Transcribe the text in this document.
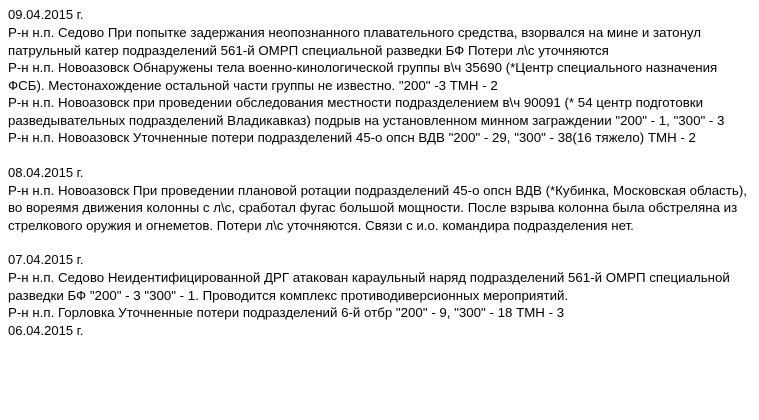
09.04.2015 г.

Р-н н.п. Седово При попытке задержания неопознанного плавательного средства, взорвался на мине и затонул патрульный катер подразделений 561-й ОМРП специальной разведки БФ Потери л\с уточняются

Р-н н.п. Новоазовск Обнаружены тела военно-кинологической группы в\ч 35690 (*Центр специального назначения ФСБ). Местонахождение остальной части группы не известно. "200" -3 ТМН - 2

Р-н н.п. Новоазовск при проведении обследования местности подразделением в\ч 90091 (* 54 центр подготовки разведывательных подразделений Владикавказ) подрыв на установленном минном заграждении "200" - 1, "300" - 3

Р-н н.п. Новоазовск Уточненные потери подразделений 45-о опсн ВДВ "200" - 29, "300" - 38(16 тяжело) ТМН - 2

08.04.2015 г.

Р-н н.п. Новоазовск При проведении плановой ротации подразделений 45-о опсн ВДВ (*Кубинка, Московская область), во вореямя движения колонны с л\с, сработал фугас большой мощности. После взрыва колонна была обстреляна из стрелкового оружия и огнеметов. Потери л\с уточняются. Связи с и.о. командира подразделения нет.

07.04.2015 г.

Р-н н.п. Седово Неидентифицированной ДРГ атакован караульный наряд подразделений 561-й ОМРП специальной разведки БФ "200" - 3 "300" - 1. Проводится комплекс противодиверсионных мероприятий.

Р-н н.п. Горловка Уточненные потери подразделений 6-й отбр "200" - 9, "300" - 18 ТМН - 3

06.04.2015 г.
